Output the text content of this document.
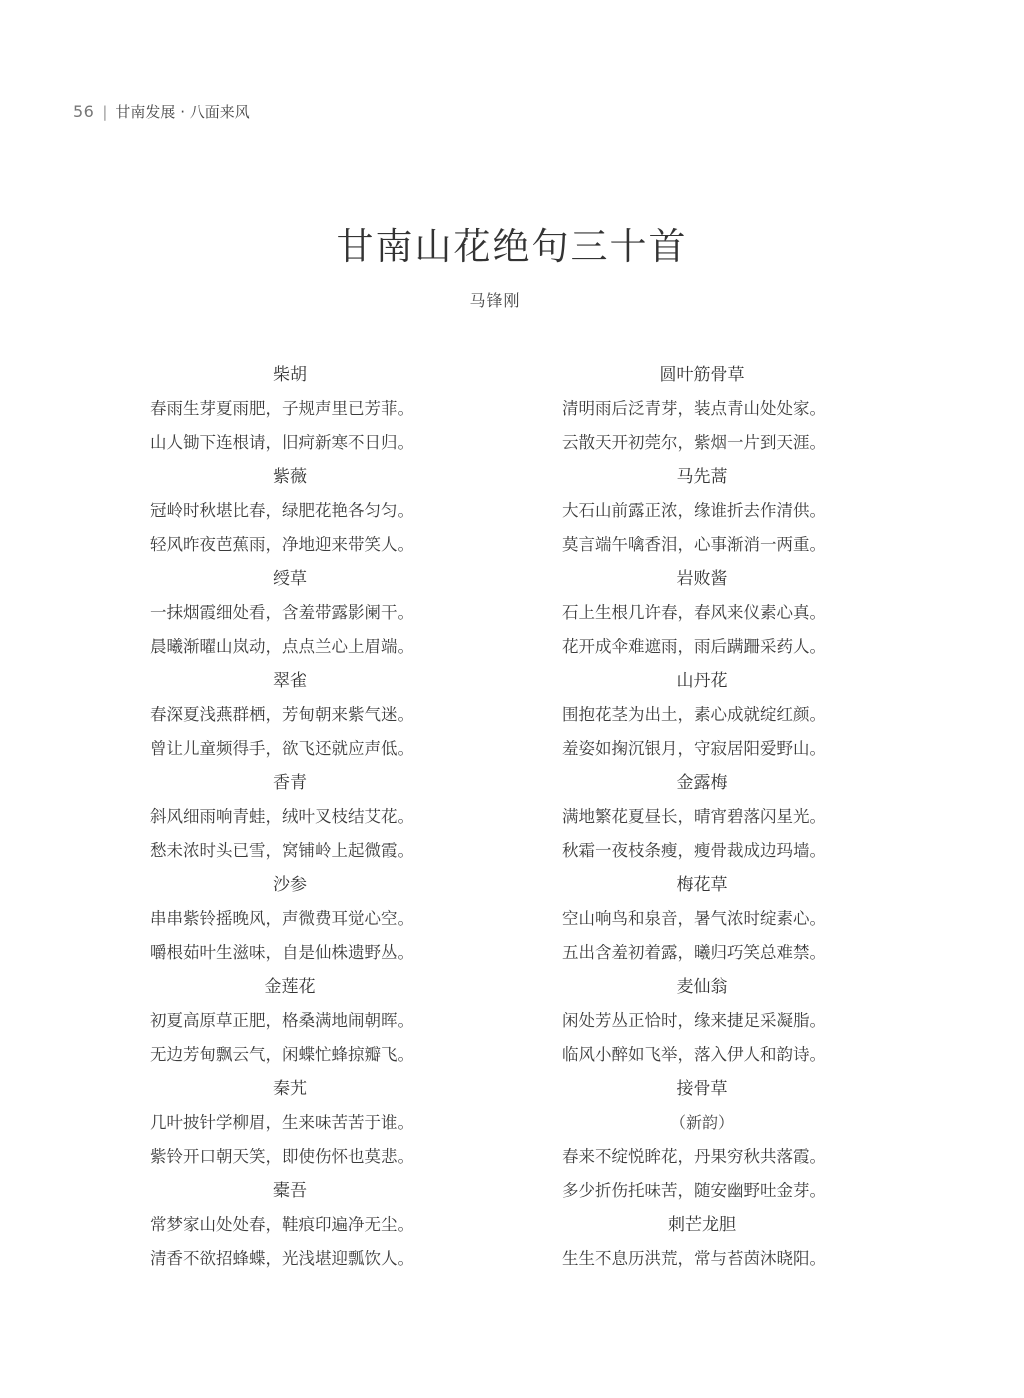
56 | 甘南发展 · 八面来风
甘南山花绝句三十首
马锋刚
柴胡
春雨生芽夏雨肥，子规声里已芳菲。
山人锄下连根请，旧疴新寒不日归。
紫薇
冠岭时秋堪比春，绿肥花艳各匀匀。
轻风昨夜芭蕉雨，净地迎来带笑人。
绶草
一抹烟霞细处看，含羞带露影阑干。
晨曦渐曜山岚动，点点兰心上眉端。
翠雀
春深夏浅燕群栖，芳甸朝来紫气迷。
曾让儿童频得手，欲飞还就应声低。
香青
斜风细雨响青蛙，绒叶叉枝结艾花。
愁未浓时头已雪，窝铺岭上起微霞。
沙参
串串紫铃摇晚风，声微费耳觉心空。
嚼根茹叶生滋味，自是仙株遗野丛。
金莲花
初夏高原草正肥，格桑满地闹朝晖。
无边芳甸飘云气，闲蝶忙蜂掠瓣飞。
秦艽
几叶披针学柳眉，生来味苦苦于谁。
紫铃开口朝天笑，即使伤怀也莫悲。
橐吾
常梦家山处处春，鞋痕印遍净无尘。
清香不欲招蜂蝶，光浅堪迎瓢饮人。
圆叶筋骨草
清明雨后泛青芽，装点青山处处家。
云散天开初莞尔，紫烟一片到天涯。
马先蒿
大石山前露正浓，缘谁折去作清供。
莫言端午噙香泪，心事渐消一两重。
岩败酱
石上生根几许春，春风来仪素心真。
花开成伞难遮雨，雨后蹒跚采药人。
山丹花
围抱花茎为出土，素心成就绽红颜。
羞姿如掬沉银月，守寂居阳爱野山。
金露梅
满地繁花夏昼长，晴宵碧落闪星光。
秋霜一夜枝条瘦，瘦骨裁成边玛墙。
梅花草
空山响鸟和泉音，暑气浓时绽素心。
五出含羞初着露，曦归巧笑总难禁。
麦仙翁
闲处芳丛正恰时，缘来捷足采凝脂。
临风小醉如飞举，落入伊人和韵诗。
接骨草
（新韵）
春来不绽悦眸花，丹果穷秋共落霞。
多少折伤托味苦，随安幽野吐金芽。
刺芒龙胆
生生不息历洪荒，常与苔茵沐晓阳。
